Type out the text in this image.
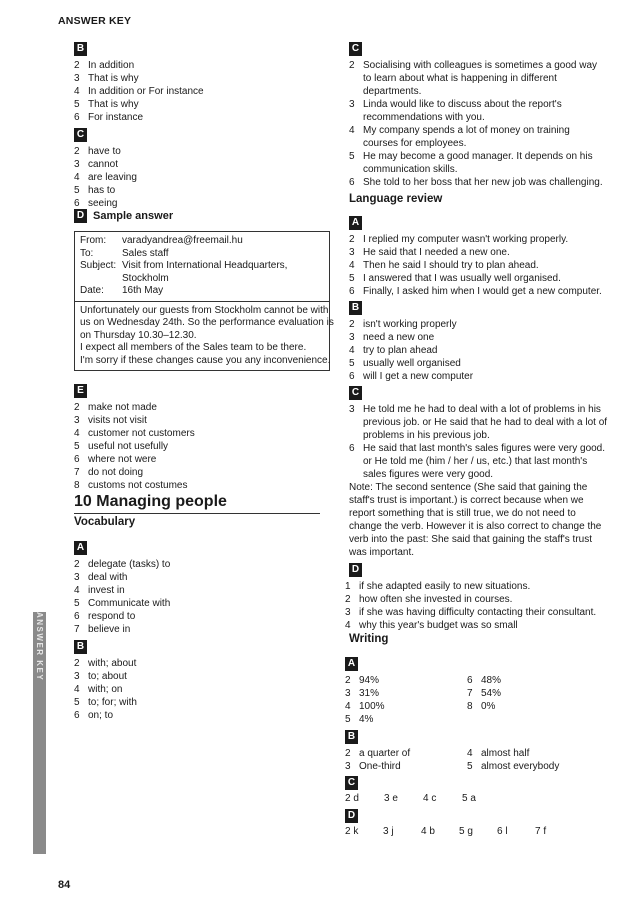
ANSWER KEY
B
2 In addition
3 That is why
4 In addition or For instance
5 That is why
6 For instance
C
2 have to
3 cannot
4 are leaving
5 has to
6 seeing
D Sample answer
From:	varadyandrea@freemail.hu
To:	Sales staff
Subject: Visit from International Headquarters,
Stockholm
Date:	16th May
Unfortunately our guests from Stockholm cannot be with
us on Wednesday 24th. So the performance evaluation is
on Thursday 10.30–12.30.
I expect all members of the Sales team to be there.
I'm sorry if these changes cause you any inconvenience.
E
2 make not made
3 visits not visit
4 customer not customers
5 useful not usefully
6 where not were
7 do not doing
8 customs not costumes
10 Managing people
Vocabulary
A
2 delegate (tasks) to
3 deal with
4 invest in
5 Communicate with
6 respond to
7 believe in
B
2 with; about
3 to; about
4 with; on
5 to; for; with
6 on; to
ANSWER KEY
84
C
2 Socialising with colleagues is sometimes a good way to learn about what is happening in different departments.
3 Linda would like to discuss about the report's recommendations with you.
4 My company spends a lot of money on training courses for employees.
5 He may become a good manager. It depends on his communication skills.
6 She told to her boss that her new job was challenging.
Language review
A
2 I replied my computer wasn't working properly.
3 He said that I needed a new one.
4 Then he said I should try to plan ahead.
5 I answered that I was usually well organised.
6 Finally, I asked him when I would get a new computer.
B
2 isn't working properly
3 need a new one
4 try to plan ahead
5 usually well organised
6 will I get a new computer
C
3 He told me he had to deal with a lot of problems in his previous job. or He said that he had to deal with a lot of problems in his previous job.
6 He said that last month's sales figures were very good. or He told me (him / her / us, etc.) that last month's sales figures were very good.
Note: The second sentence (She said that gaining the staff's trust is important.) is correct because when we report something that is still true, we do not need to change the verb. However it is also correct to change the verb into the past: She said that gaining the staff's trust was important.
D
1 if she adapted easily to new situations.
2 how often she invested in courses.
3 if she was having difficulty contacting their consultant.
4 why this year's budget was so small
Writing
A
2 94%
3 31%
4 100%
5 4%
6 48%
7 54%
8 0%
B
2 a quarter of
3 One-third
4 almost half
5 almost everybody
C
2 d	3 e	4 c	5 a
D
2 k	3 j	4 b	5 g	6 l	7 f
